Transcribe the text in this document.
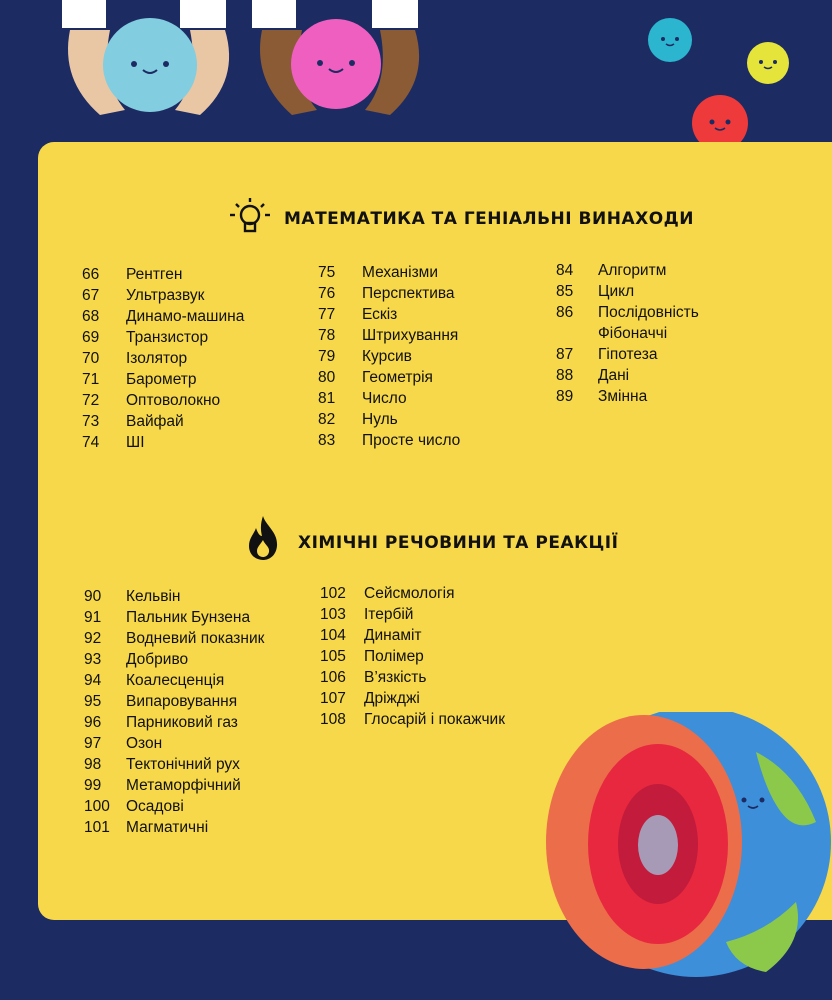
МАТЕМАТИКА ТА ГЕНІАЛЬНІ ВИНАХОДИ
66 Рентген
67 Ультразвук
68 Динамо-машина
69 Транзистор
70 Ізолятор
71 Барометр
72 Оптоволокно
73 Вайфай
74 ШІ
75 Механізми
76 Перспектива
77 Ескіз
78 Штрихування
79 Курсив
80 Геометрія
81 Число
82 Нуль
83 Просте число
84 Алгоритм
85 Цикл
86 Послідовність Фібоначчі
87 Гіпотеза
88 Дані
89 Змінна
ХІМІЧНІ РЕЧОВИНИ ТА РЕАКЦІЇ
90 Кельвін
91 Пальник Бунзена
92 Водневий показник
93 Добриво
94 Коалесценція
95 Випаровування
96 Парниковий газ
97 Озон
98 Тектонічний рух
99 Метаморфічний
100 Осадові
101 Магматичні
102 Сейсмологія
103 Ітербій
104 Динаміт
105 Полімер
106 В’язкість
107 Дріжджі
108 Глосарій і покажчик
